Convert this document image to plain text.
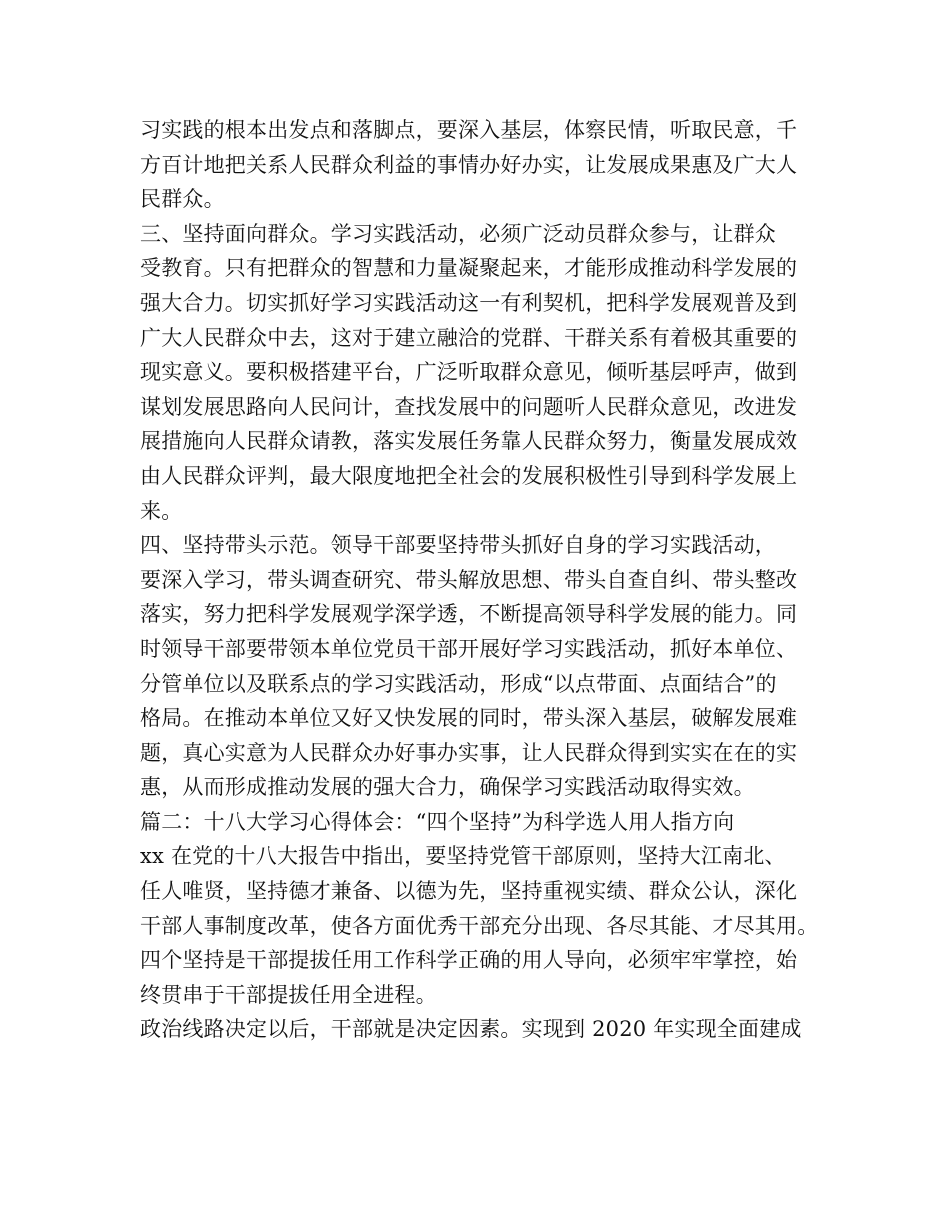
习实践的根本出发点和落脚点，要深入基层，体察民情，听取民意，千
方百计地把关系人民群众利益的事情办好办实，让发展成果惠及广大人
民群众。
三、坚持面向群众。学习实践活动，必须广泛动员群众参与，让群众
受教育。只有把群众的智慧和力量凝聚起来，才能形成推动科学发展的
强大合力。切实抓好学习实践活动这一有利契机，把科学发展观普及到
广大人民群众中去，这对于建立融洽的党群、干群关系有着极其重要的
现实意义。要积极搭建平台，广泛听取群众意见，倾听基层呼声，做到
谋划发展思路向人民问计，查找发展中的问题听人民群众意见，改进发
展措施向人民群众请教，落实发展任务靠人民群众努力，衡量发展成效
由人民群众评判，最大限度地把全社会的发展积极性引导到科学发展上
来。
四、坚持带头示范。领导干部要坚持带头抓好自身的学习实践活动，
要深入学习，带头调查研究、带头解放思想、带头自查自纠、带头整改
落实，努力把科学发展观学深学透，不断提高领导科学发展的能力。同
时领导干部要带领本单位党员干部开展好学习实践活动，抓好本单位、
分管单位以及联系点的学习实践活动，形成“以点带面、点面结合”的
格局。在推动本单位又好又快发展的同时，带头深入基层，破解发展难
题，真心实意为人民群众办好事办实事，让人民群众得到实实在在的实
惠，从而形成推动发展的强大合力，确保学习实践活动取得实效。
篇二：十八大学习心得体会：“四个坚持”为科学选人用人指方向
xx 在党的十八大报告中指出，要坚持党管干部原则，坚持大江南北、
任人唯贤，坚持德才兼备、以德为先，坚持重视实绩、群众公认，深化
干部人事制度改革，使各方面优秀干部充分出现、各尽其能、才尽其用。
四个坚持是干部提拔任用工作科学正确的用人导向，必须牢牢掌控，始
终贯串于干部提拔任用全进程。
政治线路决定以后，干部就是决定因素。实现到 2020 年实现全面建成
